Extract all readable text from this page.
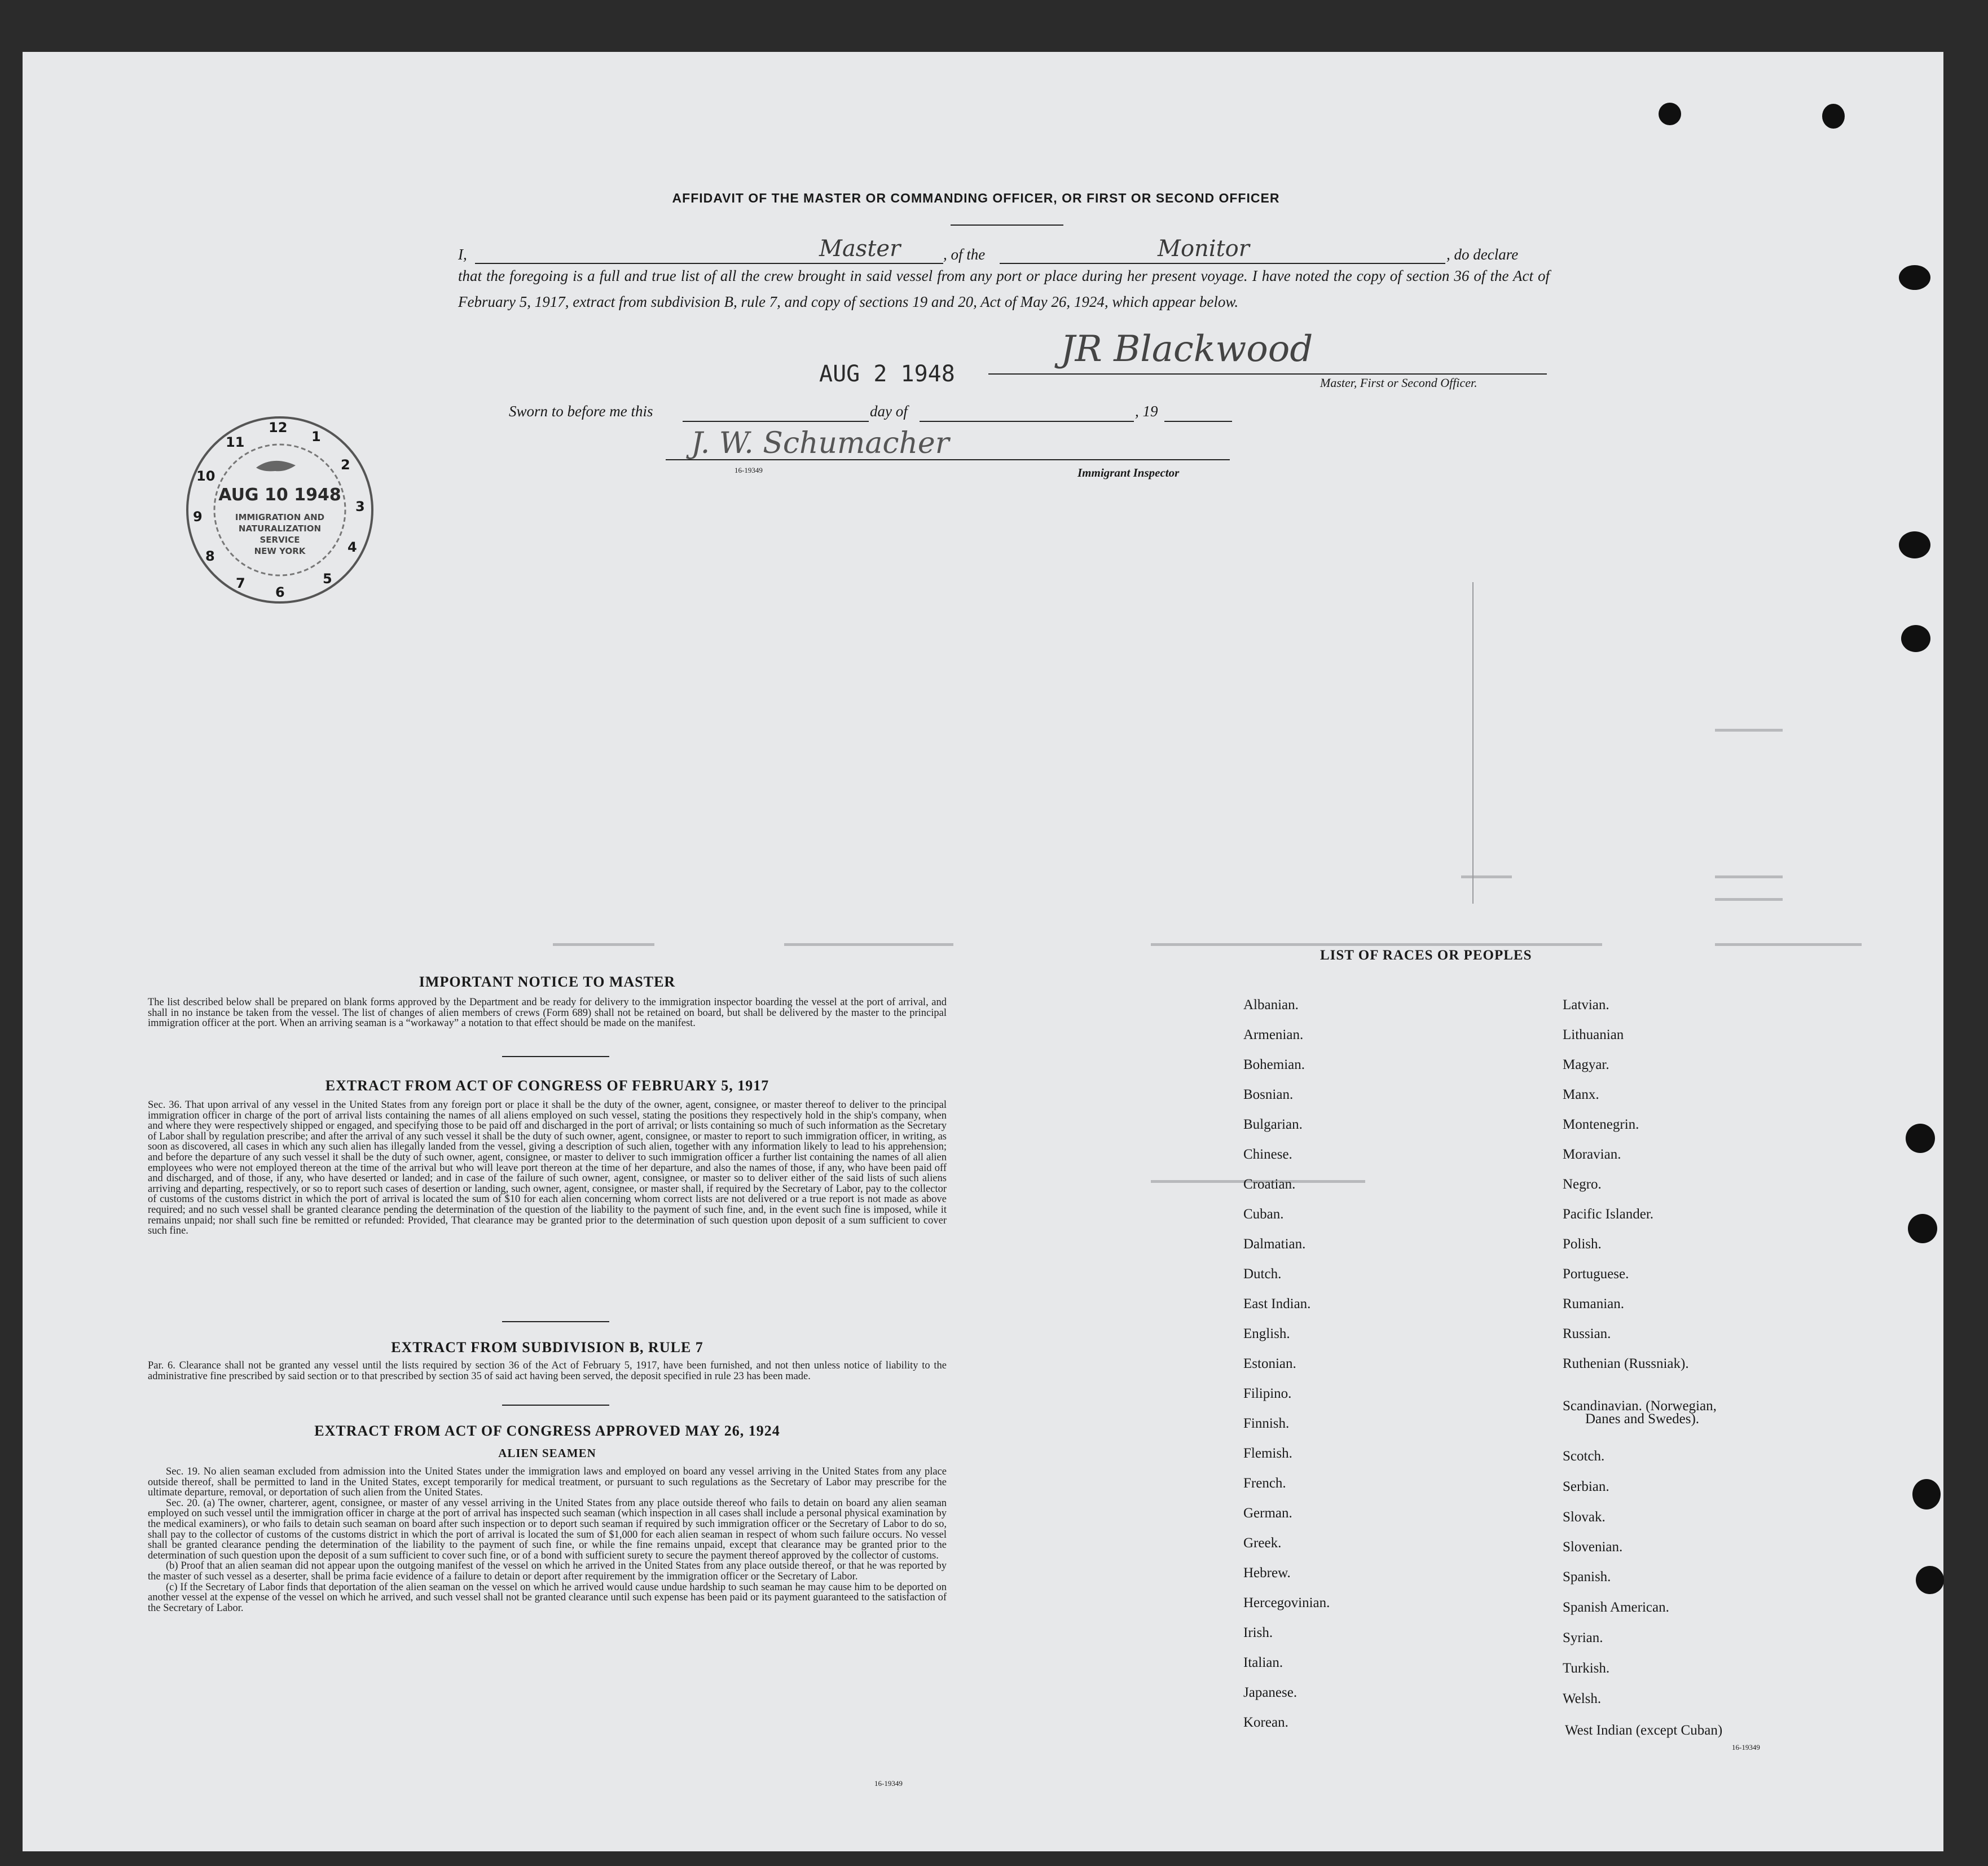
AFFIDAVIT OF THE MASTER OR COMMANDING OFFICER, OR FIRST OR SECOND OFFICER
I,	Master	, of the	Monitor	, do declare
that the foregoing is a full and true list of all the crew brought in said vessel from any port or place during her present voyage. I have noted the copy of section 36 of the Act of February 5, 1917, extract from subdivision B, rule 7, and copy of sections 19 and 20, Act of May 26, 1924, which appear below.
AUG 2 1948
JR Blackwood
Master, First or Second Officer.
Sworn to before me this	day of	, 19
J. W. Schumacher
16-19349	Immigrant Inspector
12
1
2
3
4
5
6
7
8
9
10
11
AUG 10 1948
IMMIGRATION AND
NATURALIZATION
SERVICE
NEW YORK
IMPORTANT NOTICE TO MASTER
The list described below shall be prepared on blank forms approved by the Department and be ready for delivery to the immigration inspector boarding the vessel at the port of arrival, and shall in no instance be taken from the vessel. The list of changes of alien members of crews (Form 689) shall not be retained on board, but shall be delivered by the master to the principal immigration officer at the port. When an arriving seaman is a “workaway” a notation to that effect should be made on the manifest.
EXTRACT FROM ACT OF CONGRESS OF FEBRUARY 5, 1917
Sec. 36. That upon arrival of any vessel in the United States from any foreign port or place it shall be the duty of the owner, agent, consignee, or master thereof to deliver to the principal immigration officer in charge of the port of arrival lists containing the names of all aliens employed on such vessel, stating the positions they respectively hold in the ship's company, when and where they were respectively shipped or engaged, and specifying those to be paid off and discharged in the port of arrival; or lists containing so much of such information as the Secretary of Labor shall by regulation prescribe; and after the arrival of any such vessel it shall be the duty of such owner, agent, consignee, or master to report to such immigration officer, in writing, as soon as discovered, all cases in which any such alien has illegally landed from the vessel, giving a description of such alien, together with any information likely to lead to his apprehension; and before the departure of any such vessel it shall be the duty of such owner, agent, consignee, or master to deliver to such immigration officer a further list containing the names of all alien employees who were not employed thereon at the time of the arrival but who will leave port thereon at the time of her departure, and also the names of those, if any, who have been paid off and discharged, and of those, if any, who have deserted or landed; and in case of the failure of such owner, agent, consignee, or master so to deliver either of the said lists of such aliens arriving and departing, respectively, or so to report such cases of desertion or landing, such owner, agent, consignee, or master shall, if required by the Secretary of Labor, pay to the collector of customs of the customs district in which the port of arrival is located the sum of $10 for each alien concerning whom correct lists are not delivered or a true report is not made as above required; and no such vessel shall be granted clearance pending the determination of the question of the liability to the payment of such fine, and, in the event such fine is imposed, while it remains unpaid; nor shall such fine be remitted or refunded: Provided, That clearance may be granted prior to the determination of such question upon deposit of a sum sufficient to cover such fine.
EXTRACT FROM SUBDIVISION B, RULE 7
Par. 6. Clearance shall not be granted any vessel until the lists required by section 36 of the Act of February 5, 1917, have been furnished, and not then unless notice of liability to the administrative fine prescribed by said section or to that prescribed by section 35 of said act having been served, the deposit specified in rule 23 has been made.
EXTRACT FROM ACT OF CONGRESS APPROVED MAY 26, 1924
ALIEN SEAMEN
Sec. 19. No alien seaman excluded from admission into the United States under the immigration laws and employed on board any vessel arriving in the United States from any place outside thereof, shall be permitted to land in the United States, except temporarily for medical treatment, or pursuant to such regulations as the Secretary of Labor may prescribe for the ultimate departure, removal, or deportation of such alien from the United States.
Sec. 20. (a) The owner, charterer, agent, consignee, or master of any vessel arriving in the United States from any place outside thereof who fails to detain on board any alien seaman employed on such vessel until the immigration officer in charge at the port of arrival has inspected such seaman (which inspection in all cases shall include a personal physical examination by the medical examiners), or who fails to detain such seaman on board after such inspection or to deport such seaman if required by such immigration officer or the Secretary of Labor to do so, shall pay to the collector of customs of the customs district in which the port of arrival is located the sum of $1,000 for each alien seaman in respect of whom such failure occurs. No vessel shall be granted clearance pending the determination of the liability to the payment of such fine, or while the fine remains unpaid, except that clearance may be granted prior to the determination of such question upon the deposit of a sum sufficient to cover such fine, or of a bond with sufficient surety to secure the payment thereof approved by the collector of customs.
(b) Proof that an alien seaman did not appear upon the outgoing manifest of the vessel on which he arrived in the United States from any place outside thereof, or that he was reported by the master of such vessel as a deserter, shall be prima facie evidence of a failure to detain or deport after requirement by the immigration officer or the Secretary of Labor.
(c) If the Secretary of Labor finds that deportation of the alien seaman on the vessel on which he arrived would cause undue hardship to such seaman he may cause him to be deported on another vessel at the expense of the vessel on which he arrived, and such vessel shall not be granted clearance until such expense has been paid or its payment guaranteed to the satisfaction of the Secretary of Labor.
16-19349
LIST OF RACES OR PEOPLES
Albanian.
Armenian.
Bohemian.
Bosnian.
Bulgarian.
Chinese.
Croatian.
Cuban.
Dalmatian.
Dutch.
East Indian.
English.
Estonian.
Filipino.
Finnish.
Flemish.
French.
German.
Greek.
Hebrew.
Hercegovinian.
Irish.
Italian.
Japanese.
Korean.
Latvian.
Lithuanian
Magyar.
Manx.
Montenegrin.
Moravian.
Negro.
Pacific Islander.
Polish.
Portuguese.
Rumanian.
Russian.
Ruthenian (Russniak).
Scandinavian. (Norwegian,
Danes and Swedes).
Scotch.
Serbian.
Slovak.
Slovenian.
Spanish.
Spanish American.
Syrian.
Turkish.
Welsh.
West Indian (except Cuban)
16-19349
